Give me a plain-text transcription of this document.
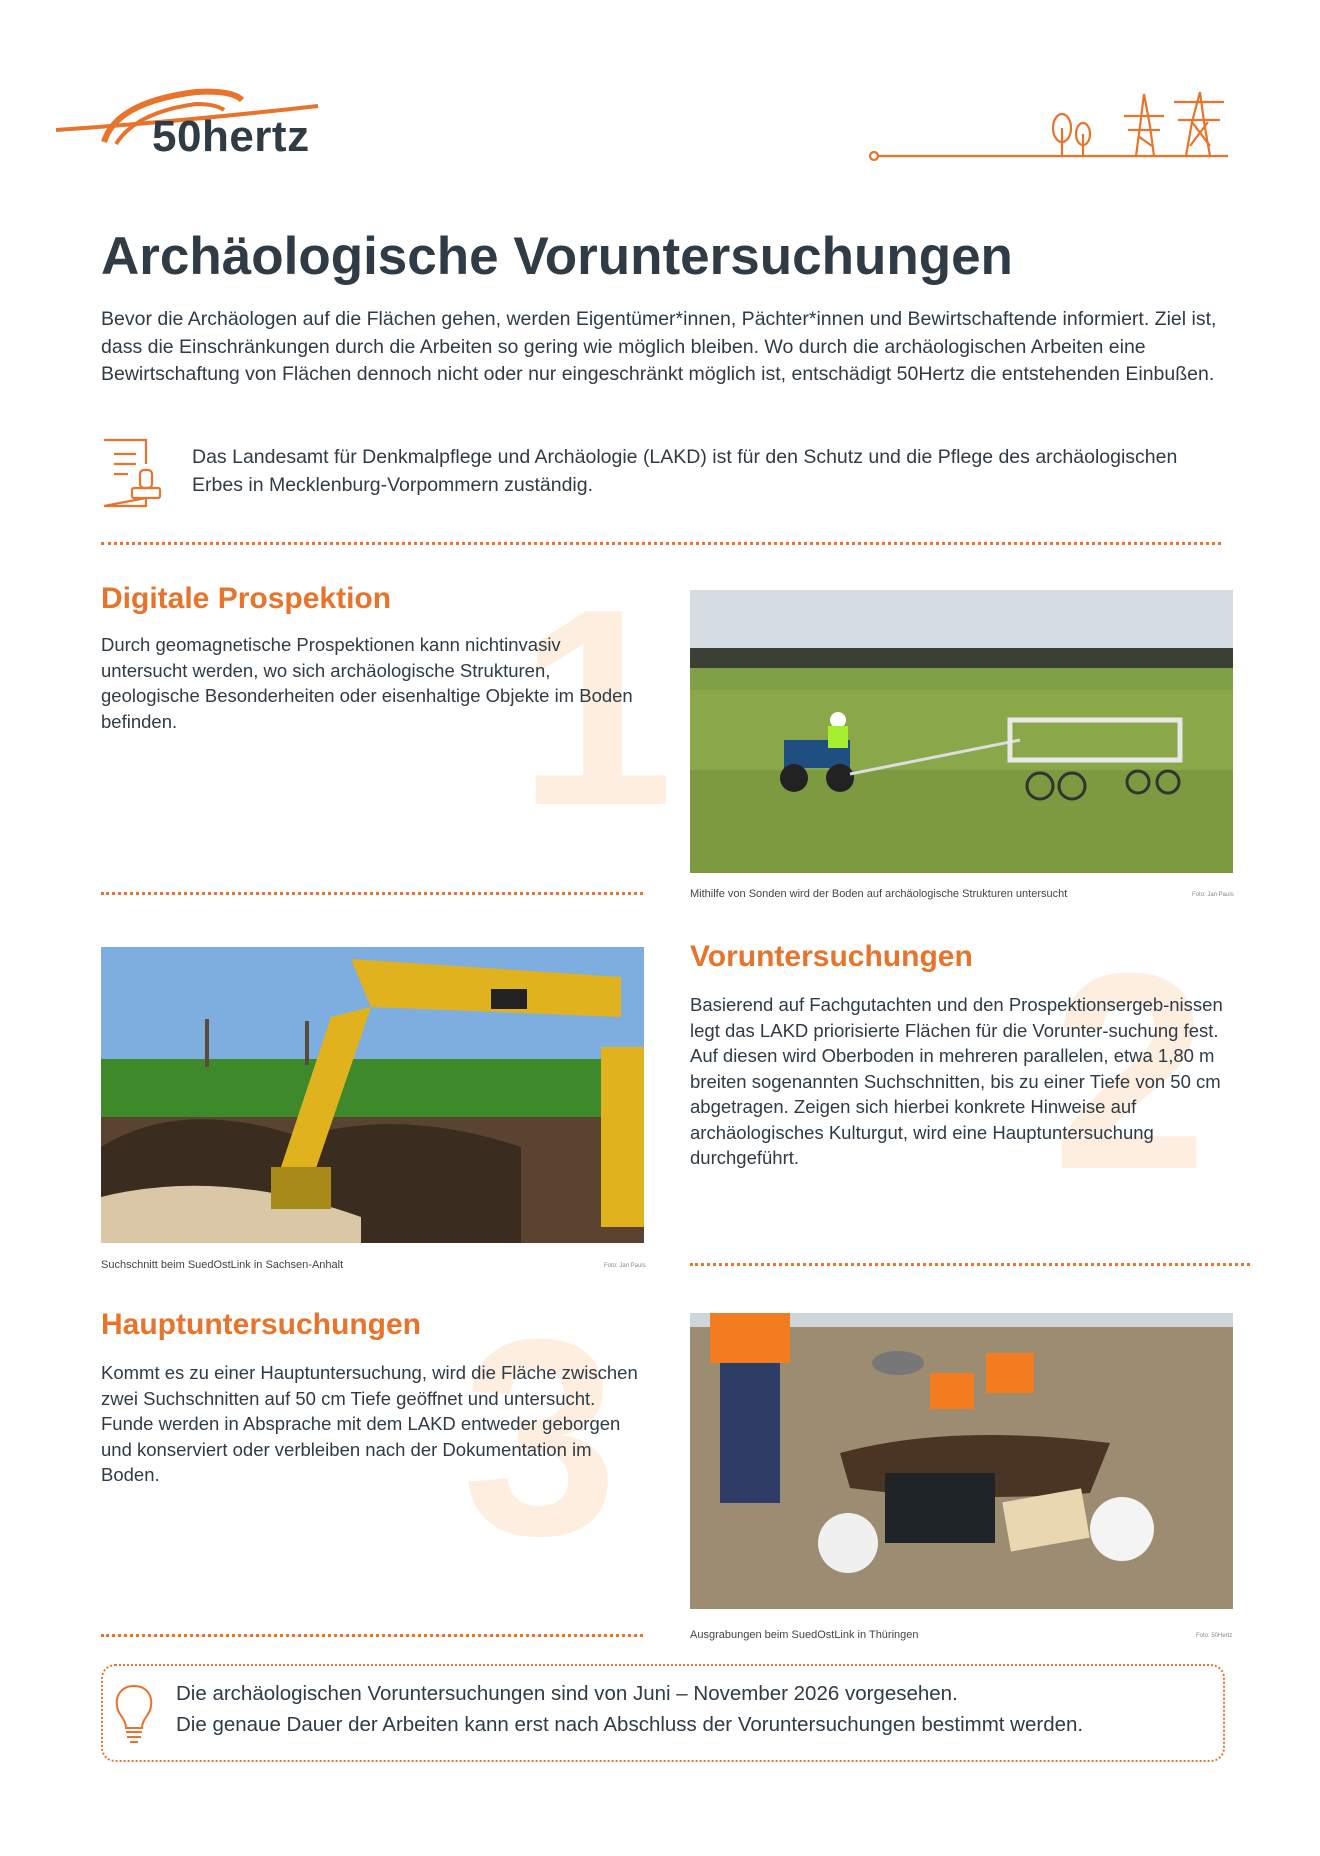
50hertz
Archäologische Voruntersuchungen

Bevor die Archäologen auf die Flächen gehen, werden Eigentümer*innen, Pächter*innen und Bewirtschaftende informiert. Ziel ist, dass die Einschränkungen durch die Arbeiten so gering wie möglich bleiben. Wo durch die archäologischen Arbeiten eine Bewirtschaftung von Flächen dennoch nicht oder nur eingeschränkt möglich ist, entschädigt 50Hertz die entstehenden Einbußen.

Das Landesamt für Denkmalpflege und Archäologie (LAKD) ist für den Schutz und die Pflege des archäologischen Erbes in Mecklenburg-Vorpommern zuständig.

1
Digitale Prospektion

Durch geomagnetische Prospektionen kann nichtinvasiv untersucht werden, wo sich archäologische Strukturen, geologische Besonderheiten oder eisenhaltige Objekte im Boden befinden.

Mithilfe von Sonden wird der Boden auf archäologische Strukturen untersucht	Foto: Jan Pauls
Suchschnitt beim SuedOstLink in Sachsen-Anhalt	Foto: Jan Pauls
2
Voruntersuchungen

Basierend auf Fachgutachten und den Prospektionsergeb-nissen legt das LAKD priorisierte Flächen für die Vorunter-suchung fest. Auf diesen wird Oberboden in mehreren parallelen, etwa 1,80 m breiten sogenannten Suchschnitten, bis zu einer Tiefe von 50 cm abgetragen. Zeigen sich hierbei konkrete Hinweise auf archäologisches Kulturgut, wird eine Hauptuntersuchung durchgeführt.

3
Hauptuntersuchungen

Kommt es zu einer Hauptuntersuchung, wird die Fläche zwischen zwei Suchschnitten auf 50 cm Tiefe geöffnet und untersucht. Funde werden in Absprache mit dem LAKD entweder geborgen und konserviert oder verbleiben nach der Dokumentation im Boden.

Ausgrabungen beim SuedOstLink in Thüringen	Foto: 50Hertz
Die archäologischen Voruntersuchungen sind von Juni – November 2026 vorgesehen.
Die genaue Dauer der Arbeiten kann erst nach Abschluss der Voruntersuchungen bestimmt werden.
